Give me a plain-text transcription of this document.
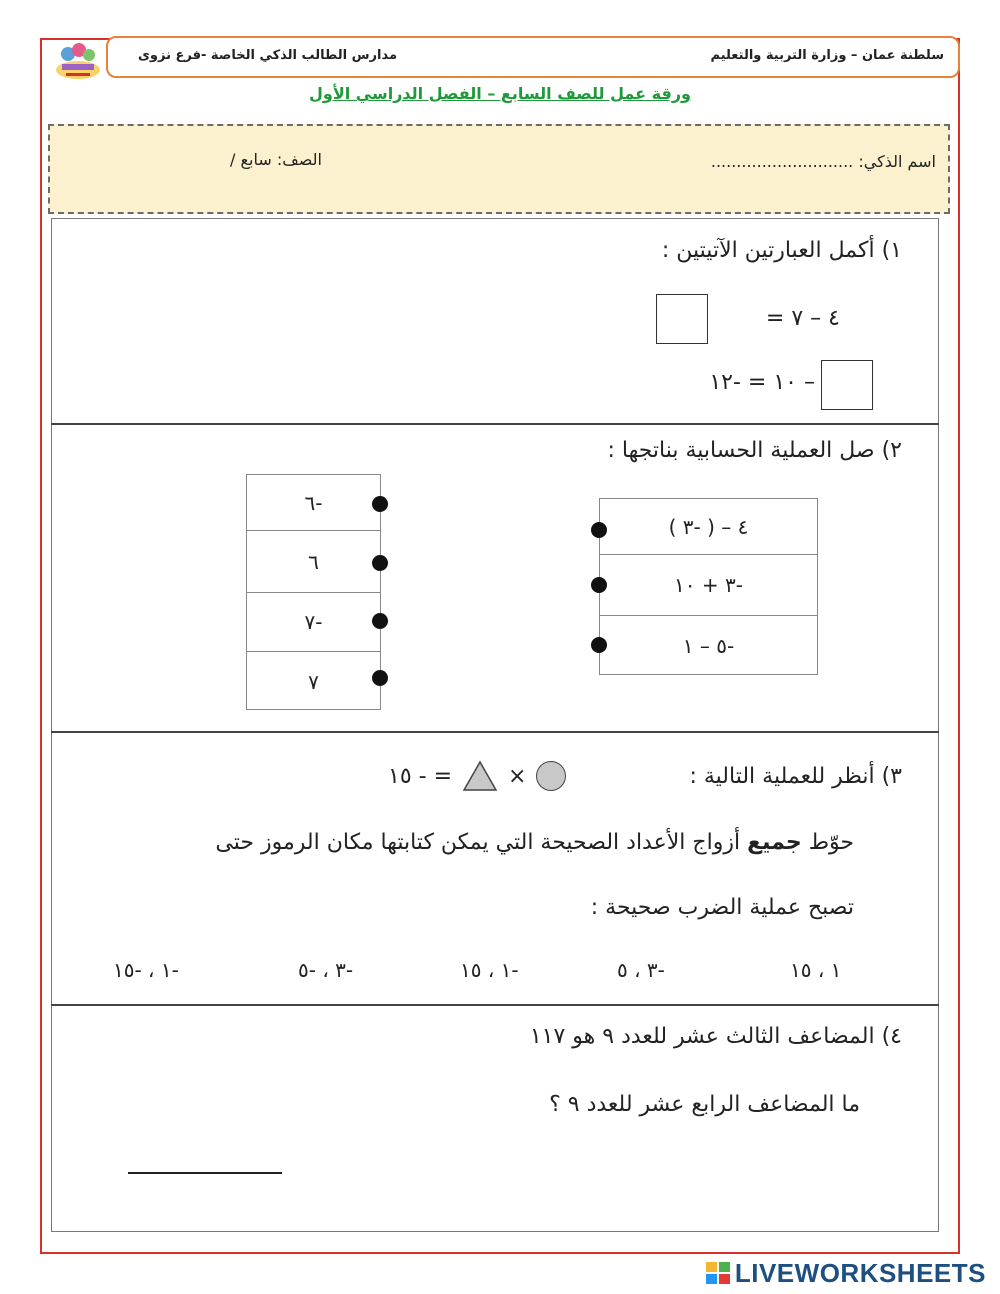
سلطنة عمان – وزارة التربية والتعليم
مدارس الطالب الذكي الخاصة -فرع نزوى
ورقة عمل للصف السابع – الفصل الدراسي الأول
اسم الذكي: ............................
الصف: سابع /
١) أكمل العبارتين الآتيتين :
٤ – ٧ =
– ١٠ = -١٢
٢) صل العملية الحسابية بناتجها :
٤ – ( -٣ )
-٣ + ١٠
-٥ – ١
-٦
٦
-٧
٧
٣) أنظر للعملية التالية :
= - ١٥	×
حوّط جميع أزواج الأعداد الصحيحة التي يمكن كتابتها مكان الرموز حتى
تصبح عملية الضرب صحيحة :
١ ، ١٥
-٣ ، ٥
-١ ، ١٥
-٣ ، -٥
-١ ، -١٥
٤) المضاعف الثالث عشر للعدد ٩ هو ١١٧
ما المضاعف الرابع عشر للعدد ٩ ؟
LIVEWORKSHEETS
